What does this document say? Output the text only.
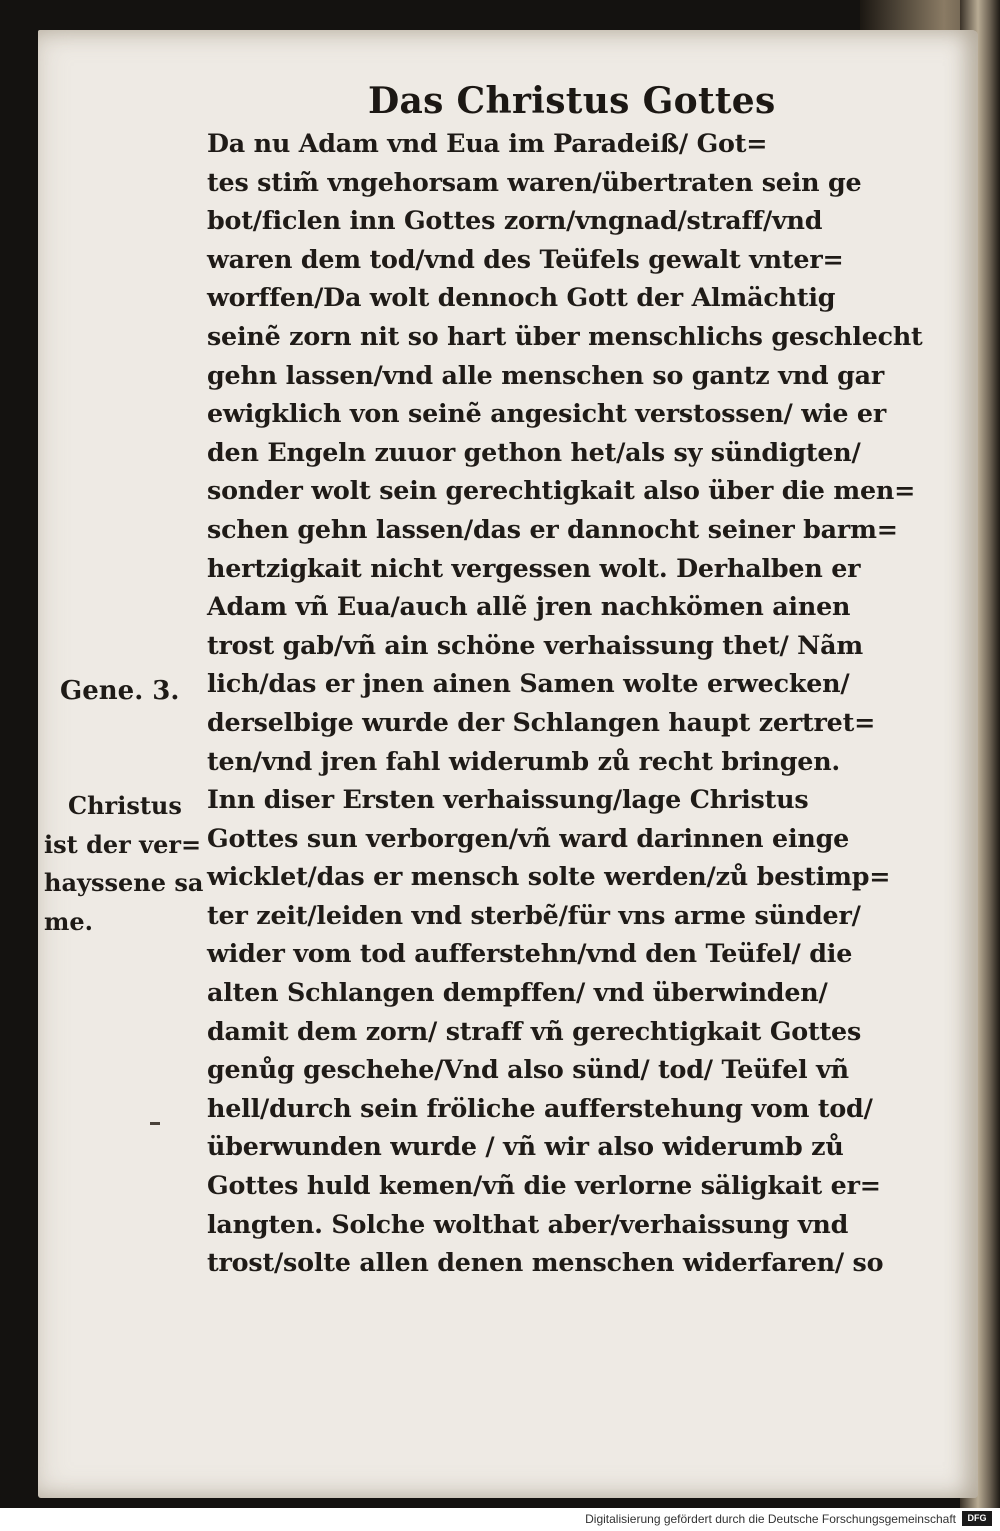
Das Christus Gottes
Da nu Adam vnd Eua im Paradeiß/ Got=
tes stim̃ vngehorsam waren/übertraten sein ge
bot/ficlen inn Gottes zorn/vngnad/straff/vnd
waren dem tod/vnd des Teüfels gewalt vnter=
worffen/Da wolt dennoch Gott der Almächtig
seinẽ zorn nit so hart über menschlichs geschlecht
gehn lassen/vnd alle menschen so gantz vnd gar
ewigklich von seinẽ angesicht verstossen/ wie er
den Engeln zuuor gethon het/als sy sündigten/
sonder wolt sein gerechtigkait also über die men=
schen gehn lassen/das er dannocht seiner barm=
hertzigkait nicht vergessen wolt. Derhalben er
Adam vñ Eua/auch allẽ jren nachkömen ainen
trost gab/vñ ain schöne verhaissung thet/ Nãm
lich/das er jnen ainen Samen wolte erwecken/
derselbige wurde der Schlangen haupt zertret=
ten/vnd jren fahl widerumb zů recht bringen.
Inn diser Ersten verhaissung/lage Christus
Gottes sun verborgen/vñ ward darinnen einge
wicklet/das er mensch solte werden/zů bestimp=
ter zeit/leiden vnd sterbẽ/für vns arme sünder/
wider vom tod aufferstehn/vnd den Teüfel/ die
alten Schlangen dempffen/ vnd überwinden/
damit dem zorn/ straff vñ gerechtigkait Gottes
genůg geschehe/Vnd also sünd/ tod/ Teüfel vñ
hell/durch sein fröliche aufferstehung vom tod/
überwunden wurde / vñ wir also widerumb zů
Gottes huld kemen/vñ die verlorne säligkait er=
langten. Solche wolthat aber/verhaissung vnd
trost/solte allen denen menschen widerfaren/ so
Gene. 3.
Christus
ist der ver=
hayssene sa
me.
Digitalisierung gefördert durch die Deutsche Forschungsgemeinschaft	DFG
